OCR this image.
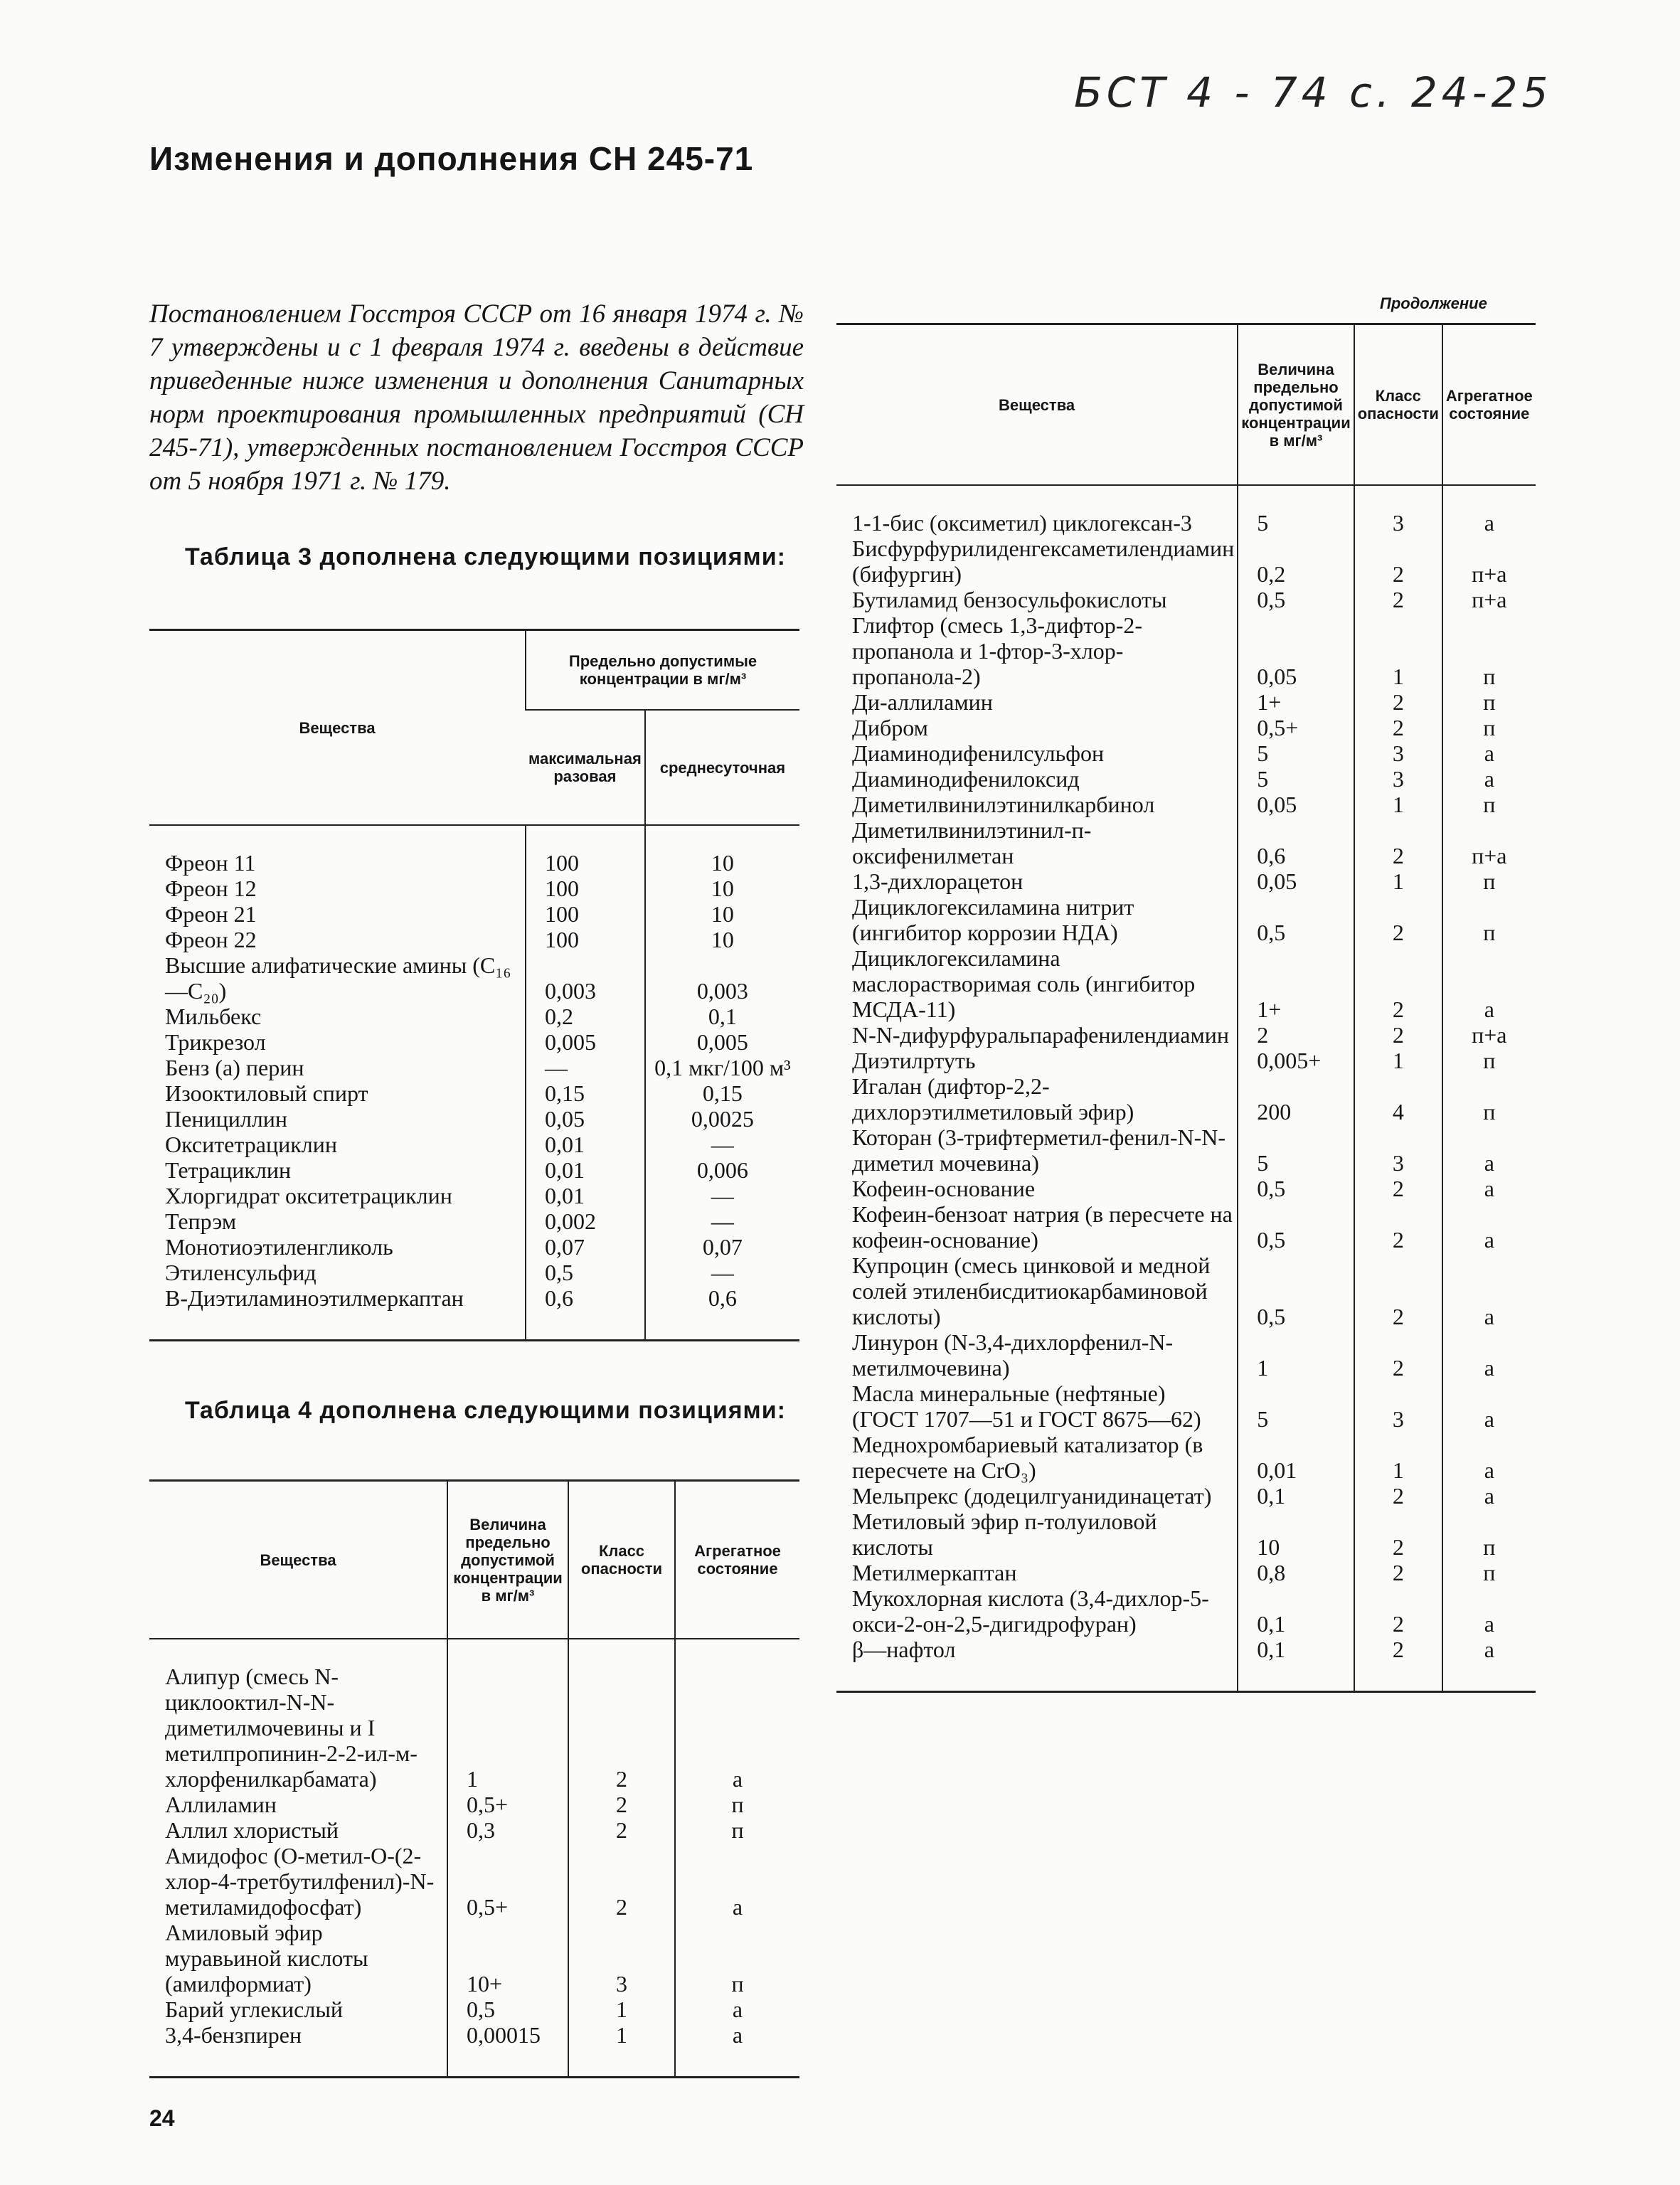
БСТ 4 - 74 с. 24-25
Изменения и дополнения СН 245-71
Постановлением Госстроя СССР от 16 января 1974 г. № 7 утверждены и с 1 февраля 1974 г. введены в действие приведенные ниже изменения и дополнения Санитарных норм проектирования промышленных предприятий (СН 245-71), утвержденных постановлением Госстроя СССР от 5 ноября 1971 г. № 179.
Таблица 3 дополнена следующими позициями:
Вещества	Предельно допустимые концентрации в мг/м³	
	максимальная разовая	среднесуточная
Фреон 11	100	10
Фреон 12	100	10
Фреон 21	100	10
Фреон 22	100	10
Высшие алифатические амины (С₁₆—С₂₀)	0,003	0,003
Мильбекс	0,2	0,1
Трикрезол	0,005	0,005
Бенз (а) перин	—	0,1 мкг/100 м³
Изооктиловый спирт	0,15	0,15
Пенициллин	0,05	0,0025
Окситетрациклин	0,01	—
Тетрациклин	0,01	0,006
Хлоргидрат окситетрациклин	0,01	—
Тепрэм	0,002	—
Монотиоэтиленгликоль	0,07	0,07
Этиленсульфид	0,5	—
В-Диэтиламиноэтилмеркаптан	0,6	0,6
Таблица 4 дополнена следующими позициями:
Вещества	Величина предельно допустимой концентрации в мг/м³	Класс опасности	Агрегатное состояние
Алипур (смесь N-циклооктил-N-N-диметилмочевины и I метилпропинин-2-2-ил-м-хлорфенилкарбамата)	1	2	а
Аллиламин	0,5+	2	п
Аллил хлористый	0,3	2	п
Амидофос (О-метил-О-(2-хлор-4-третбутилфенил)-N-метиламидофосфат)	0,5+	2	а
Амиловый эфир муравьиной кислоты (амилформиат)	10+	3	п
Барий углекислый	0,5	1	а
3,4-бензпирен	0,00015	1	а
Продолжение
Вещества	Величина предельно допустимой концентрации в мг/м³	Класс опасности	Агрегатное состояние
1-1-бис (оксиметил) циклогексан-3	5	3	а
Бисфурфурилиденгексаметилендиамин (бифургин)	0,2	2	п+а
Бутиламид бензосульфокислоты	0,5	2	п+а
Глифтор (смесь 1,3-дифтор-2-пропанола и 1-фтор-3-хлор-пропанола-2)	0,05	1	п
Ди-аллиламин	1+	2	п
Дибром	0,5+	2	п
Диаминодифенилсульфон	5	3	а
Диаминодифенилоксид	5	3	а
Диметилвинилэтинилкарбинол	0,05	1	п
Диметилвинилэтинил-п-оксифенилметан	0,6	2	п+а
1,3-дихлорацетон	0,05	1	п
Дициклогексиламина нитрит (ингибитор коррозии НДА)	0,5	2	п
Дициклогексиламина маслорастворимая соль (ингибитор МСДА-11)	1+	2	а
N-N-дифурфуральпарафенилендиамин	2	2	п+а
Диэтилртуть	0,005+	1	п
Игалан (дифтор-2,2-дихлорэтилметиловый эфир)	200	4	п
Которан (3-трифтерметил-фенил-N-N-диметил мочевина)	5	3	а
Кофеин-основание	0,5	2	а
Кофеин-бензоат натрия (в пересчете на кофеин-основание)	0,5	2	а
Купроцин (смесь цинковой и медной солей этиленбисдитиокарбаминовой кислоты)	0,5	2	а
Линурон (N-3,4-дихлорфенил-N-метилмочевина)	1	2	а
Масла минеральные (нефтяные) (ГОСТ 1707—51 и ГОСТ 8675—62)	5	3	а
Меднохромбариевый катализатор (в пересчете на CrO₃)	0,01	1	а
Мельпрекс (додецилгуанидинацетат)	0,1	2	а
Метиловый эфир п-толуиловой кислоты	10	2	п
Метилмеркаптан	0,8	2	п
Мукохлорная кислота (3,4-дихлор-5-окси-2-он-2,5-дигидрофуран)	0,1	2	а
β—нафтол	0,1	2	а
24
